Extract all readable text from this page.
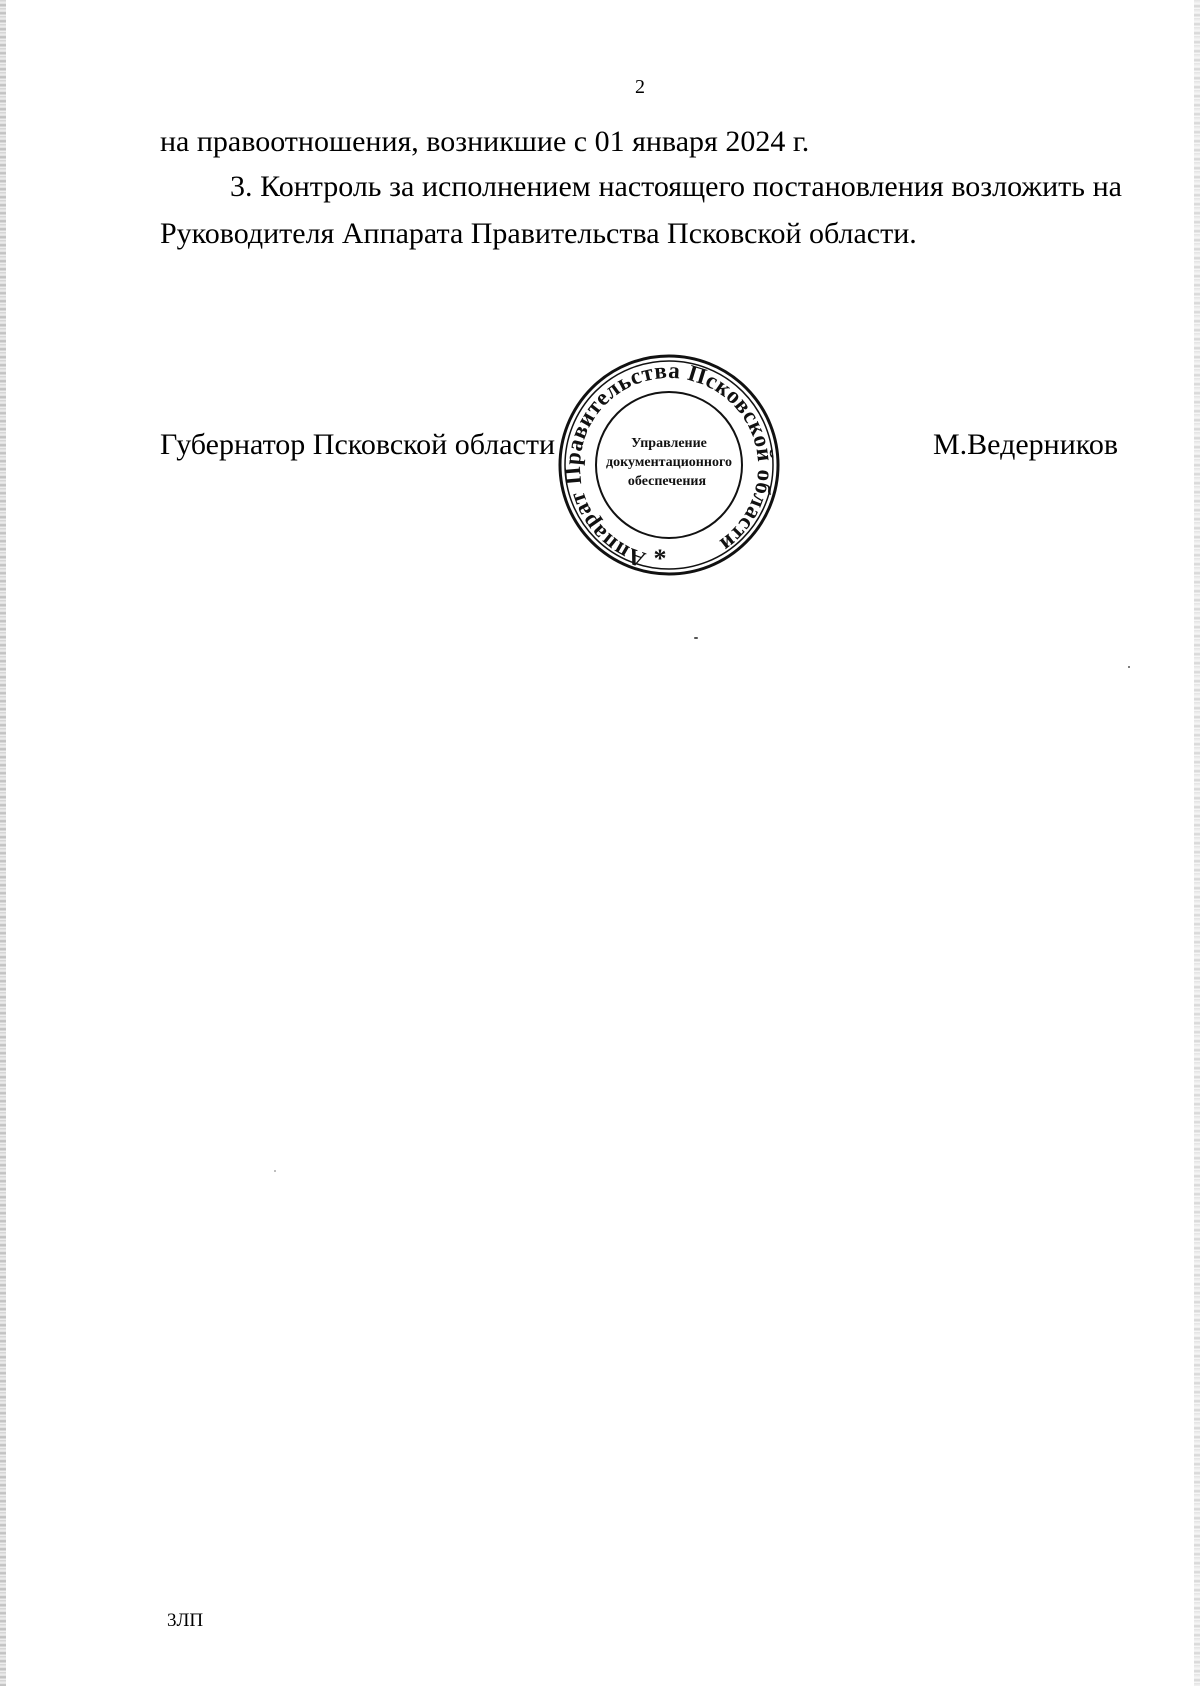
2
на правоотношения, возникшие с 01 января 2024 г.
3. Контроль за исполнением настоящего постановления возложить на Руководителя Аппарата Правительства Псковской области.
Губернатор Псковской области	М.Ведерников
Аппарат Правительства Псковской области
Управление
документационного
обеспечения
*
3ЛП
